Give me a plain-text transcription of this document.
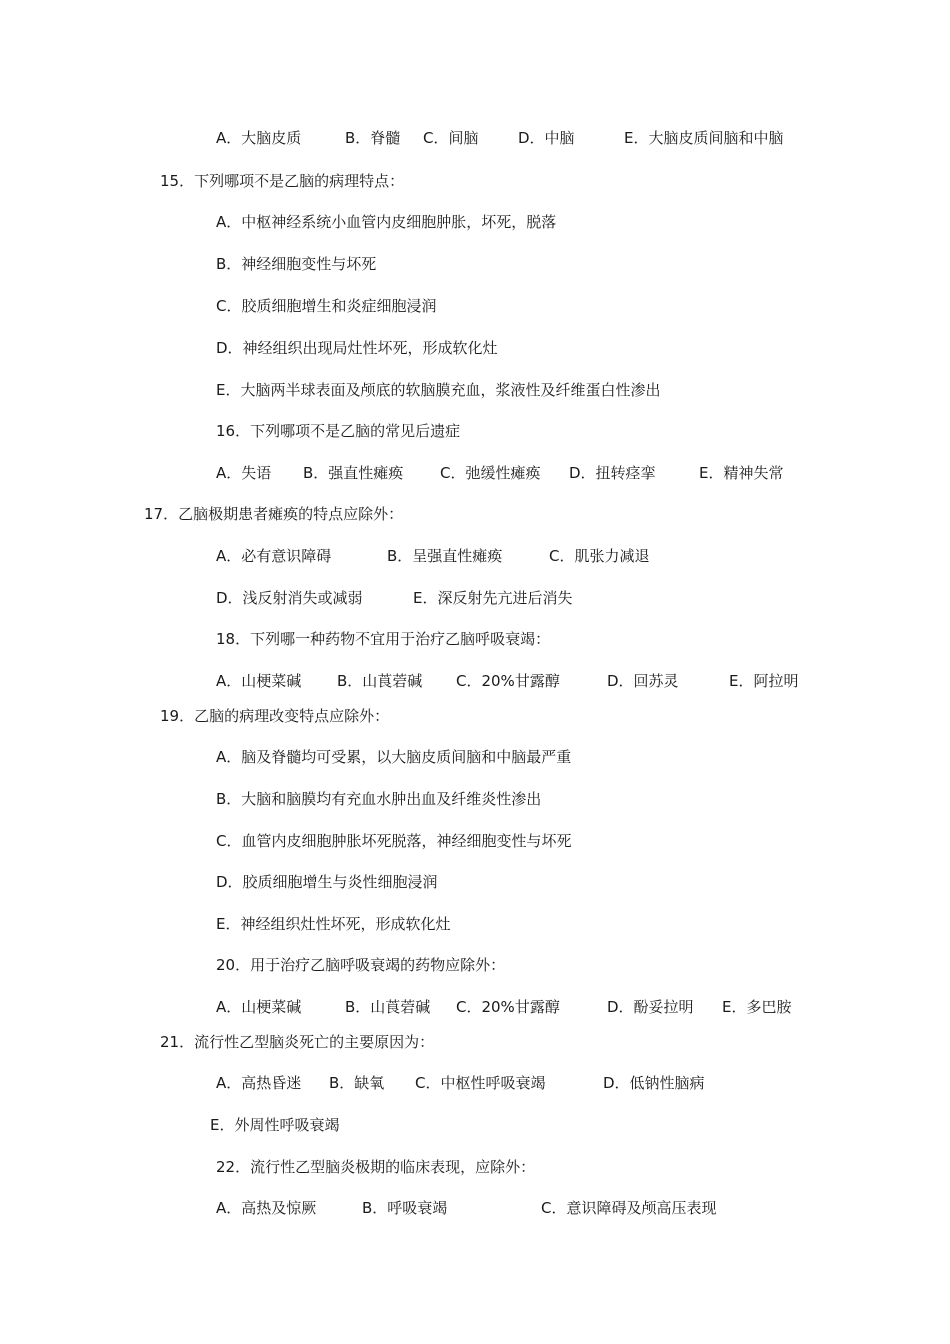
A．大脑皮质	B．脊髓 C．间脑	D．中脑	E．大脑皮质间脑和中脑
15．下列哪项不是乙脑的病理特点：
A．中枢神经系统小血管内皮细胞肿胀，坏死，脱落
B．神经细胞变性与坏死
C．胶质细胞增生和炎症细胞浸润
D．神经组织出现局灶性坏死，形成软化灶
E．大脑两半球表面及颅底的软脑膜充血，浆液性及纤维蛋白性渗出
16．下列哪项不是乙脑的常见后遗症
A．失语 B．强直性瘫痪 C．弛缓性瘫痪 D．扭转痉挛	E．精神失常
17．乙脑极期患者瘫痪的特点应除外：
A．必有意识障碍	B．呈强直性瘫痪	C．肌张力减退
D．浅反射消失或减弱	E．深反射先亢进后消失
18．下列哪一种药物不宜用于治疗乙脑呼吸衰竭：
A．山梗菜碱 B．山莨菪碱 C．20%甘露醇	D．回苏灵	E．阿拉明
19．乙脑的病理改变特点应除外：
A．脑及脊髓均可受累，以大脑皮质间脑和中脑最严重
B．大脑和脑膜均有充血水肿出血及纤维炎性渗出
C．血管内皮细胞肿胀坏死脱落，神经细胞变性与坏死
D．胶质细胞增生与炎性细胞浸润
E．神经组织灶性坏死，形成软化灶
20．用于治疗乙脑呼吸衰竭的药物应除外：
A．山梗菜碱	B．山莨菪碱 C．20%甘露醇	D．酚妥拉明 E．多巴胺
21．流行性乙型脑炎死亡的主要原因为：
A．高热昏迷 B．缺氧 C．中枢性呼吸衰竭	D．低钠性脑病
E．外周性呼吸衰竭
22．流行性乙型脑炎极期的临床表现，应除外：
A．高热及惊厥	B．呼吸衰竭	C．意识障碍及颅高压表现
